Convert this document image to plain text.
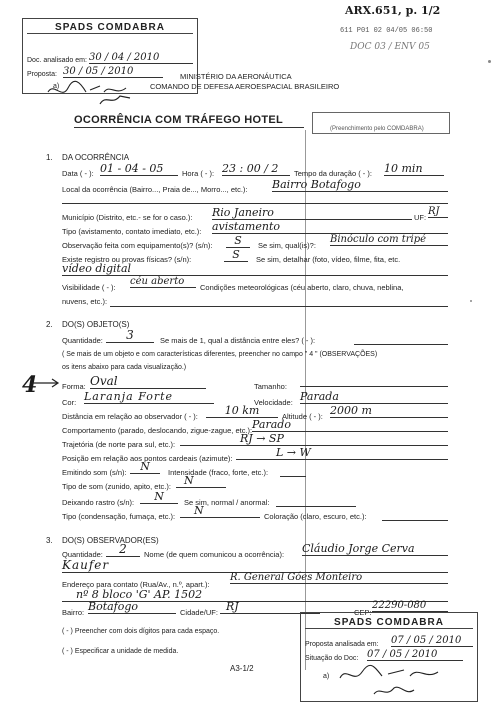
ARX.651, p. 1/2
611 P01 02 04/05 06:50
DOC 03 / ENV 05
SPADS COMDABRA
Doc. analisado em: 30 / 04 / 2010
Proposta: 30 / 05 / 2010
a)
MINISTÉRIO DA AERONÁUTICA
COMANDO DE DEFESA AEROESPACIAL BRASILEIRO
OCORRÊNCIA COM TRÁFEGO HOTEL
(Preenchimento pelo COMDABRA)
1. DA OCORRÊNCIA
Data ( - ): 01 - 04 - 05	Hora ( - ): 23 : 00 / 2	Tempo da duração ( - ): 10 min
Local da ocorrência (Bairro..., Praia de..., Morro..., etc.): Bairro Botafogo
Município (Distrito, etc.- se for o caso.): Rio Janeiro	UF:
RJ
Tipo (avistamento, contato imediato, etc.): avistamento
Observação feita com equipamento(s)? (s/n):	S	Se sim, qual(is)?:
Binóculo com tripé
Existe registro ou provas físicas? (s/n):	S	Se sim, detalhar (foto, vídeo, filme, fita, etc.
vídeo digital
Visibilidade ( - ):
céu aberto
Condições meteorológicas (céu aberto, claro, chuva, neblina,
nuvens, etc.):
2. DO(S) OBJETO(S)
Quantidade:	3	Se mais de 1, qual a distância entre eles? ( - ):
( Se mais de um objeto e com características diferentes, preencher no campo " 4 " (OBSERVAÇÕES)
os itens abaixo para cada visualização.)
4	Forma: Oval	Tamanho:
Cor: Laranja Forte	Velocidade: Parada
Distância em relação ao observador ( - ):	10 km	Altitude ( - ): 2000 m
Comportamento (parado, deslocando, zigue-zague, etc.): Parado
Trajetória (de norte para sul, etc.):	RJ → SP
Posição em relação aos pontos cardeais (azimute):	L → W
Emitindo som (s/n):	N	Intensidade (fraco, forte, etc.):
Tipo de som (zunido, apito, etc.):	N
Deixando rastro (s/n):	N	Se sim, normal / anormal:
Tipo (condensação, fumaça, etc.):	N	Coloração (claro, escuro, etc.):
3. DO(S) OBSERVADOR(ES)
Quantidade:	2	Nome (de quem comunicou a ocorrência): Cláudio Jorge Cerva
Kaufer
Endereço para contato (Rua/Av., n.º, apart.):
R. General Góes Monteiro
nº 8 bloco 'G' AP. 1502
Bairro: Botafogo	Cidade/UF: RJ	CEP:
22290-080
( - ) Preencher com dois dígitos para cada espaço.
( - ) Especificar a unidade de medida.
A3-1/2
SPADS COMDABRA
Proposta analisada em: 07 / 05 / 2010
Situação do Doc: 07 / 05 / 2010
a)
